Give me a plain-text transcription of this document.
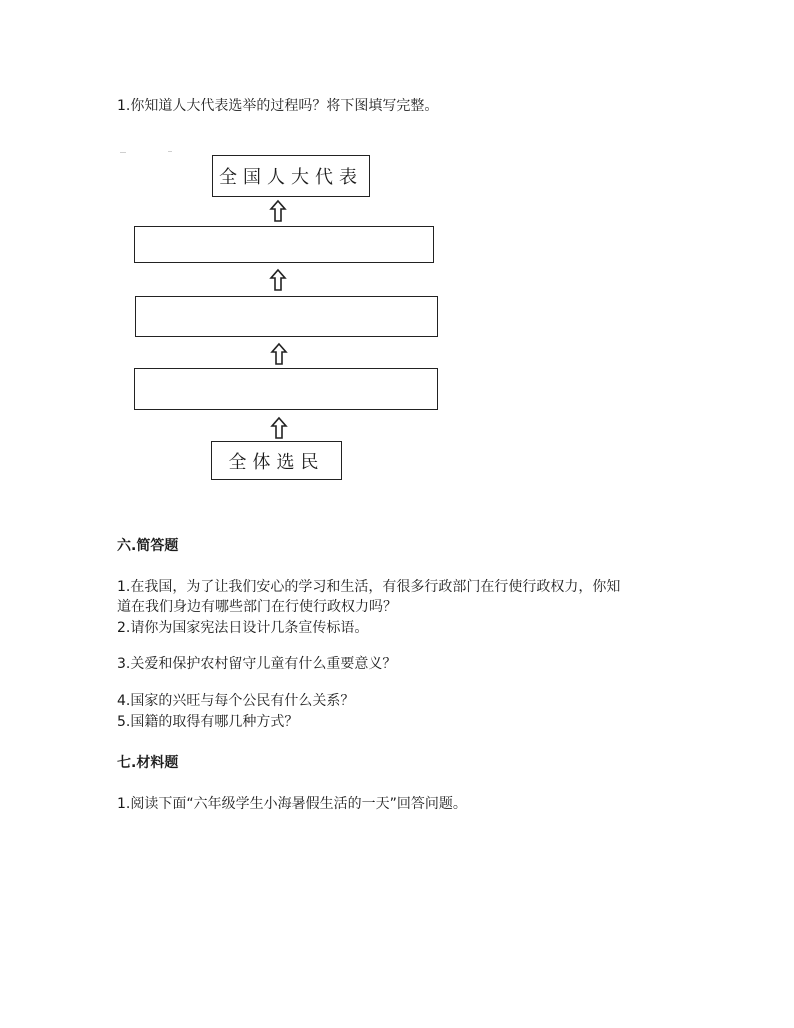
1.你知道人大代表选举的过程吗？将下图填写完整。
全国人大代表
全体选民
六.简答题
1.在我国，为了让我们安心的学习和生活，有很多行政部门在行使行政权力，你知
道在我们身边有哪些部门在行使行政权力吗？
2.请你为国家宪法日设计几条宣传标语。
3.关爱和保护农村留守儿童有什么重要意义？
4.国家的兴旺与每个公民有什么关系？
5.国籍的取得有哪几种方式？
七.材料题
1.阅读下面“六年级学生小海暑假生活的一天”回答问题。
